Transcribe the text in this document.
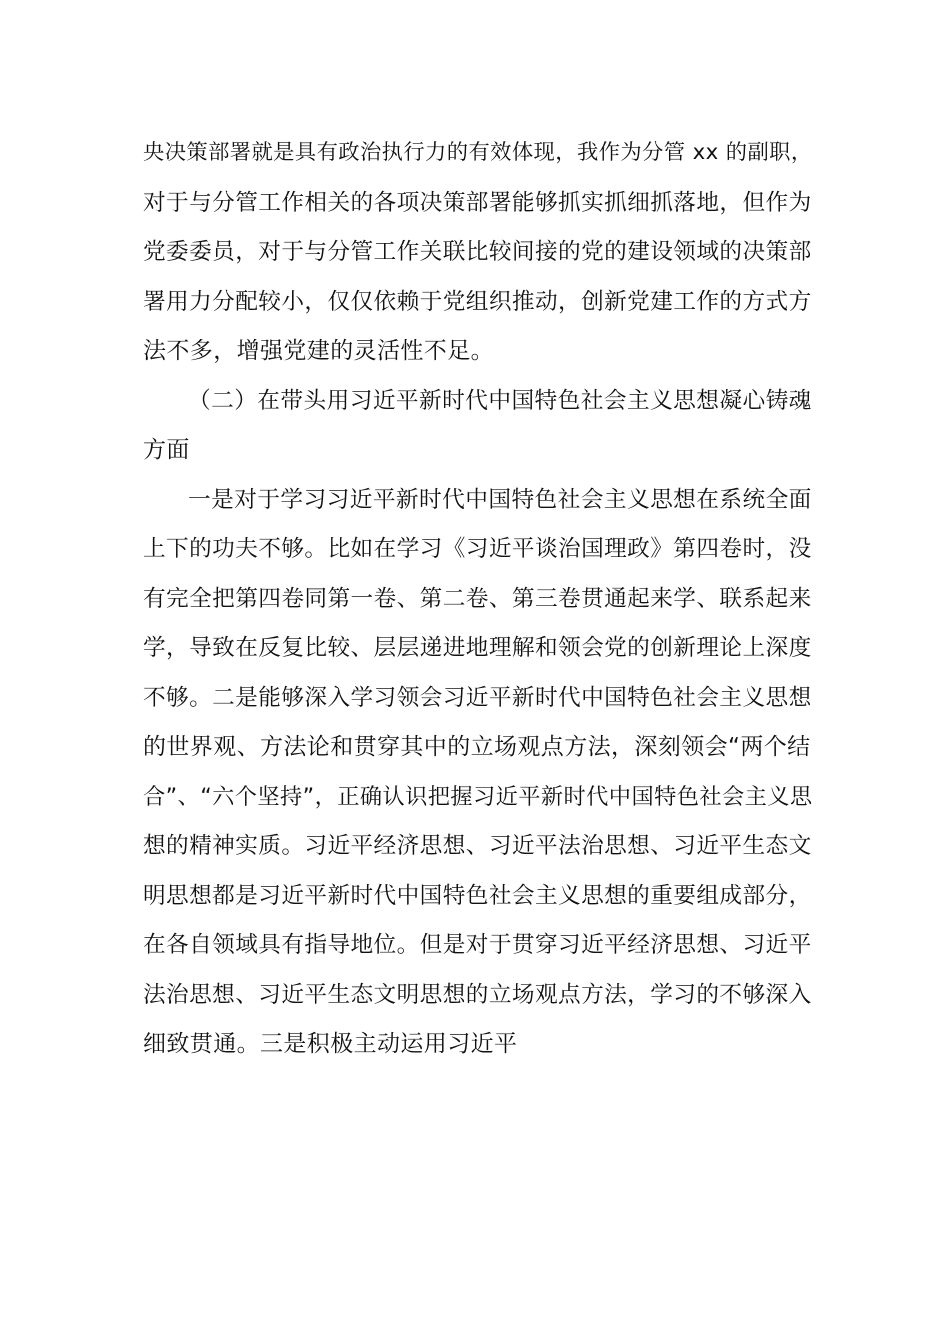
央决策部署就是具有政治执行力的有效体现，我作为分管 xx 的副职，
对于与分管工作相关的各项决策部署能够抓实抓细抓落地，但作为
党委委员，对于与分管工作关联比较间接的党的建设领域的决策部
署用力分配较小，仅仅依赖于党组织推动，创新党建工作的方式方
法不多，增强党建的灵活性不足。
（二）在带头用习近平新时代中国特色社会主义思想凝心铸魂
方面
一是对于学习习近平新时代中国特色社会主义思想在系统全面
上下的功夫不够。比如在学习《习近平谈治国理政》第四卷时，没
有完全把第四卷同第一卷、第二卷、第三卷贯通起来学、联系起来
学，导致在反复比较、层层递进地理解和领会党的创新理论上深度
不够。二是能够深入学习领会习近平新时代中国特色社会主义思想
的世界观、方法论和贯穿其中的立场观点方法，深刻领会“两个结
合”、“六个坚持”，正确认识把握习近平新时代中国特色社会主义思
想的精神实质。习近平经济思想、习近平法治思想、习近平生态文
明思想都是习近平新时代中国特色社会主义思想的重要组成部分，
在各自领域具有指导地位。但是对于贯穿习近平经济思想、习近平
法治思想、习近平生态文明思想的立场观点方法，学习的不够深入
细致贯通。三是积极主动运用习近平
